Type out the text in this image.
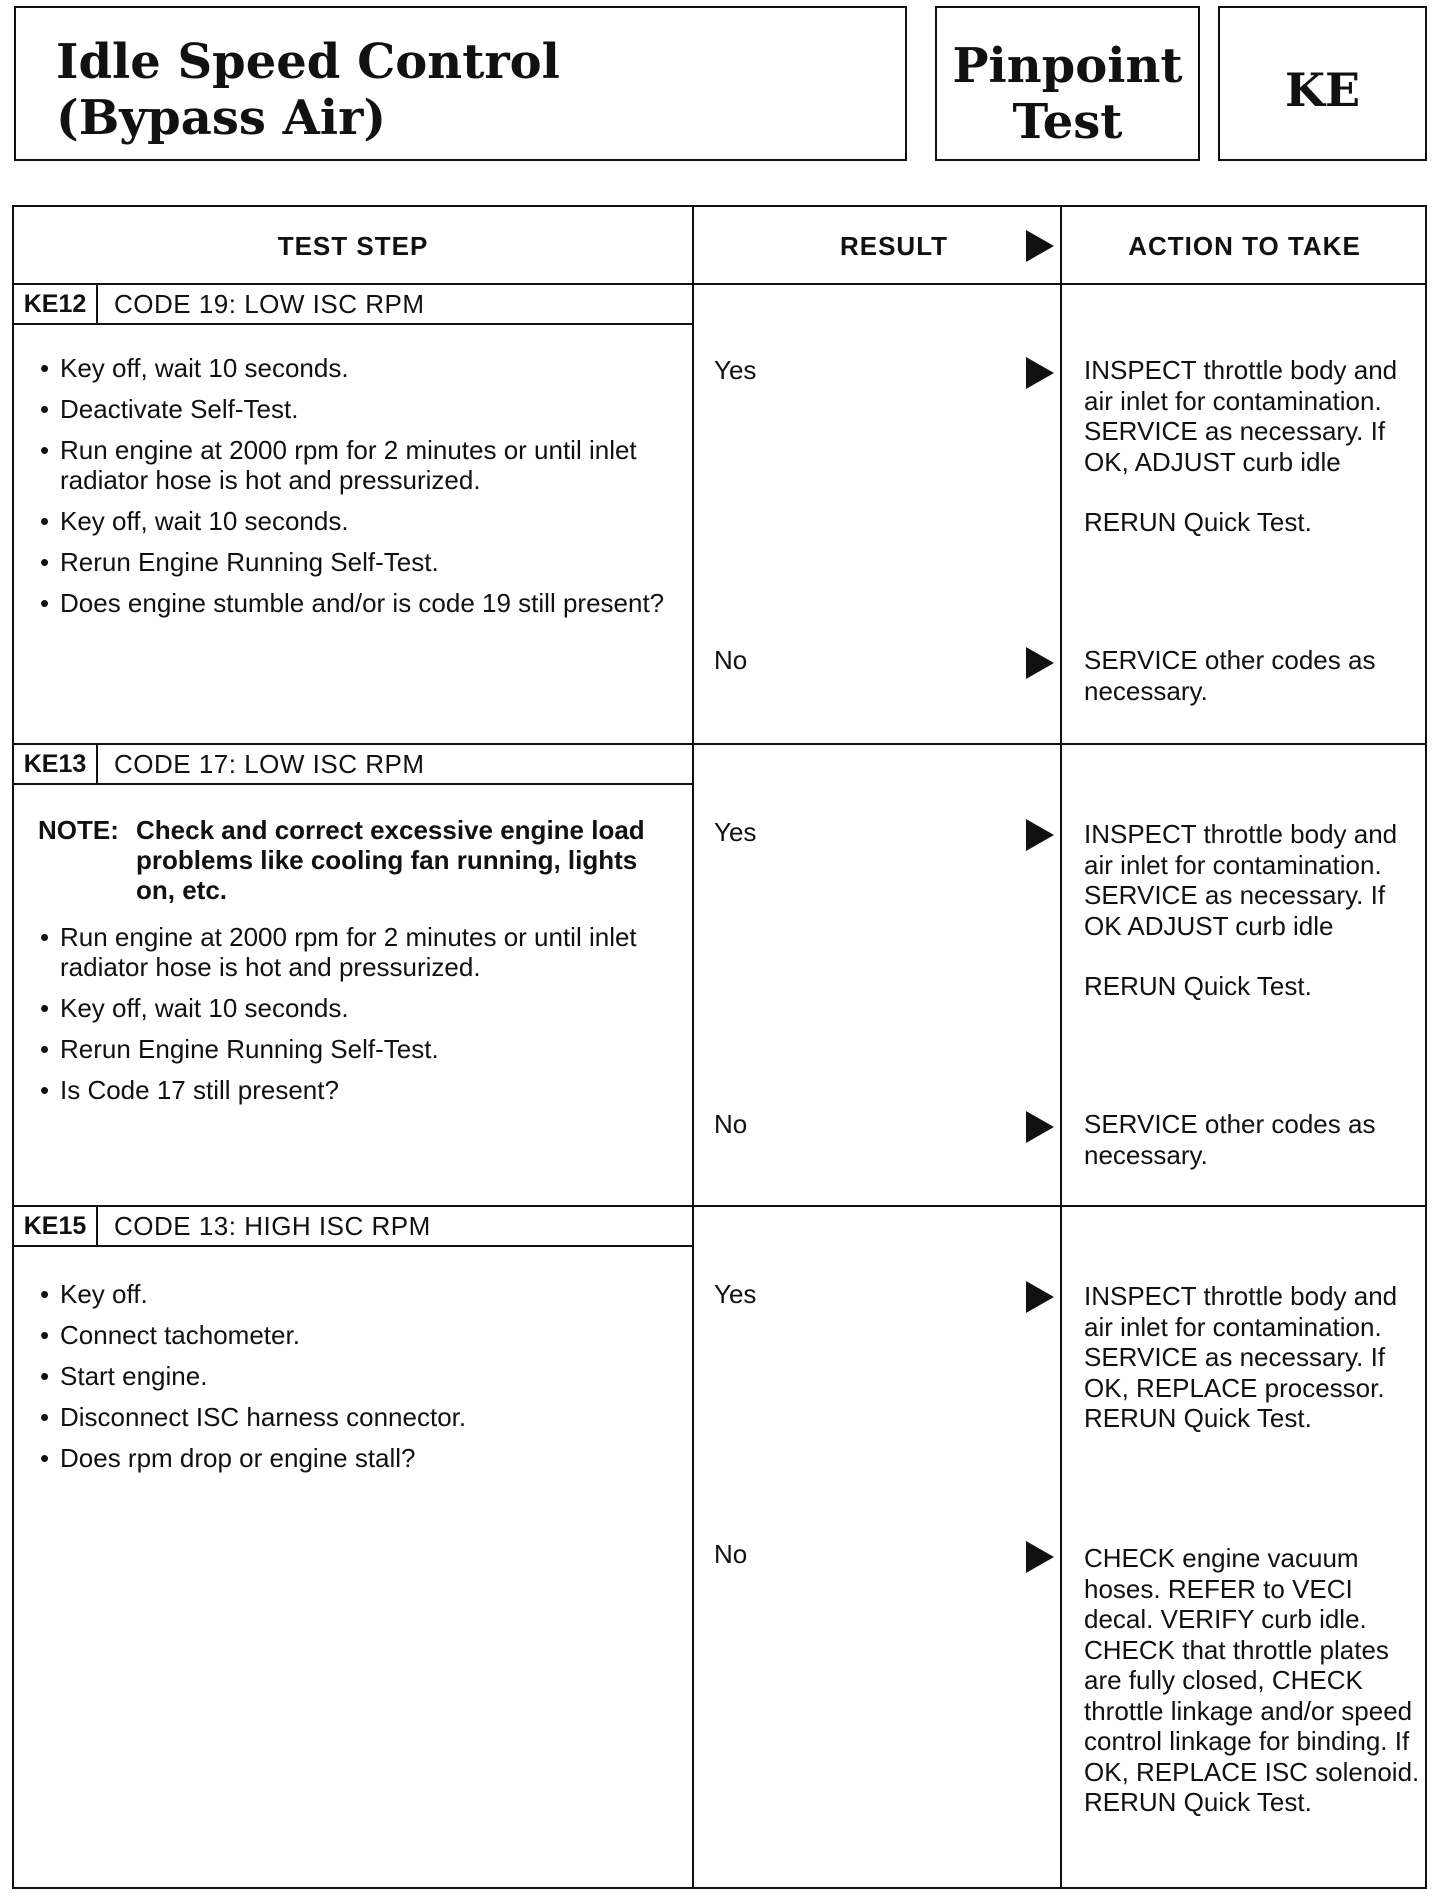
Idle Speed Control
(Bypass Air)
Pinpoint
Test
KE
TEST STEP	RESULT	ACTION TO TAKE
KE12	CODE 19: LOW ISC RPM
• Key off, wait 10 seconds.
• Deactivate Self-Test.
• Run engine at 2000 rpm for 2 minutes or until inlet radiator hose is hot and pressurized.
• Key off, wait 10 seconds.
• Rerun Engine Running Self-Test.
• Does engine stumble and/or is code 19 still present?
Yes	INSPECT throttle body and air inlet for contamination. SERVICE as necessary. If OK, ADJUST curb idle

RERUN Quick Test.

No	SERVICE other codes as necessary.
KE13	CODE 17: LOW ISC RPM
NOTE: Check and correct excessive engine load problems like cooling fan running, lights on, etc.
• Run engine at 2000 rpm for 2 minutes or until inlet radiator hose is hot and pressurized.
• Key off, wait 10 seconds.
• Rerun Engine Running Self-Test.
• Is Code 17 still present?
Yes	INSPECT throttle body and air inlet for contamination. SERVICE as necessary. If OK ADJUST curb idle

RERUN Quick Test.

No	SERVICE other codes as necessary.
KE15	CODE 13: HIGH ISC RPM
• Key off.
• Connect tachometer.
• Start engine.
• Disconnect ISC harness connector.
• Does rpm drop or engine stall?
Yes	INSPECT throttle body and air inlet for contamination. SERVICE as necessary. If OK, REPLACE processor. RERUN Quick Test.
No	CHECK engine vacuum hoses. REFER to VECI decal. VERIFY curb idle. CHECK that throttle plates are fully closed, CHECK throttle linkage and/or speed control linkage for binding. If OK, REPLACE ISC solenoid. RERUN Quick Test.
